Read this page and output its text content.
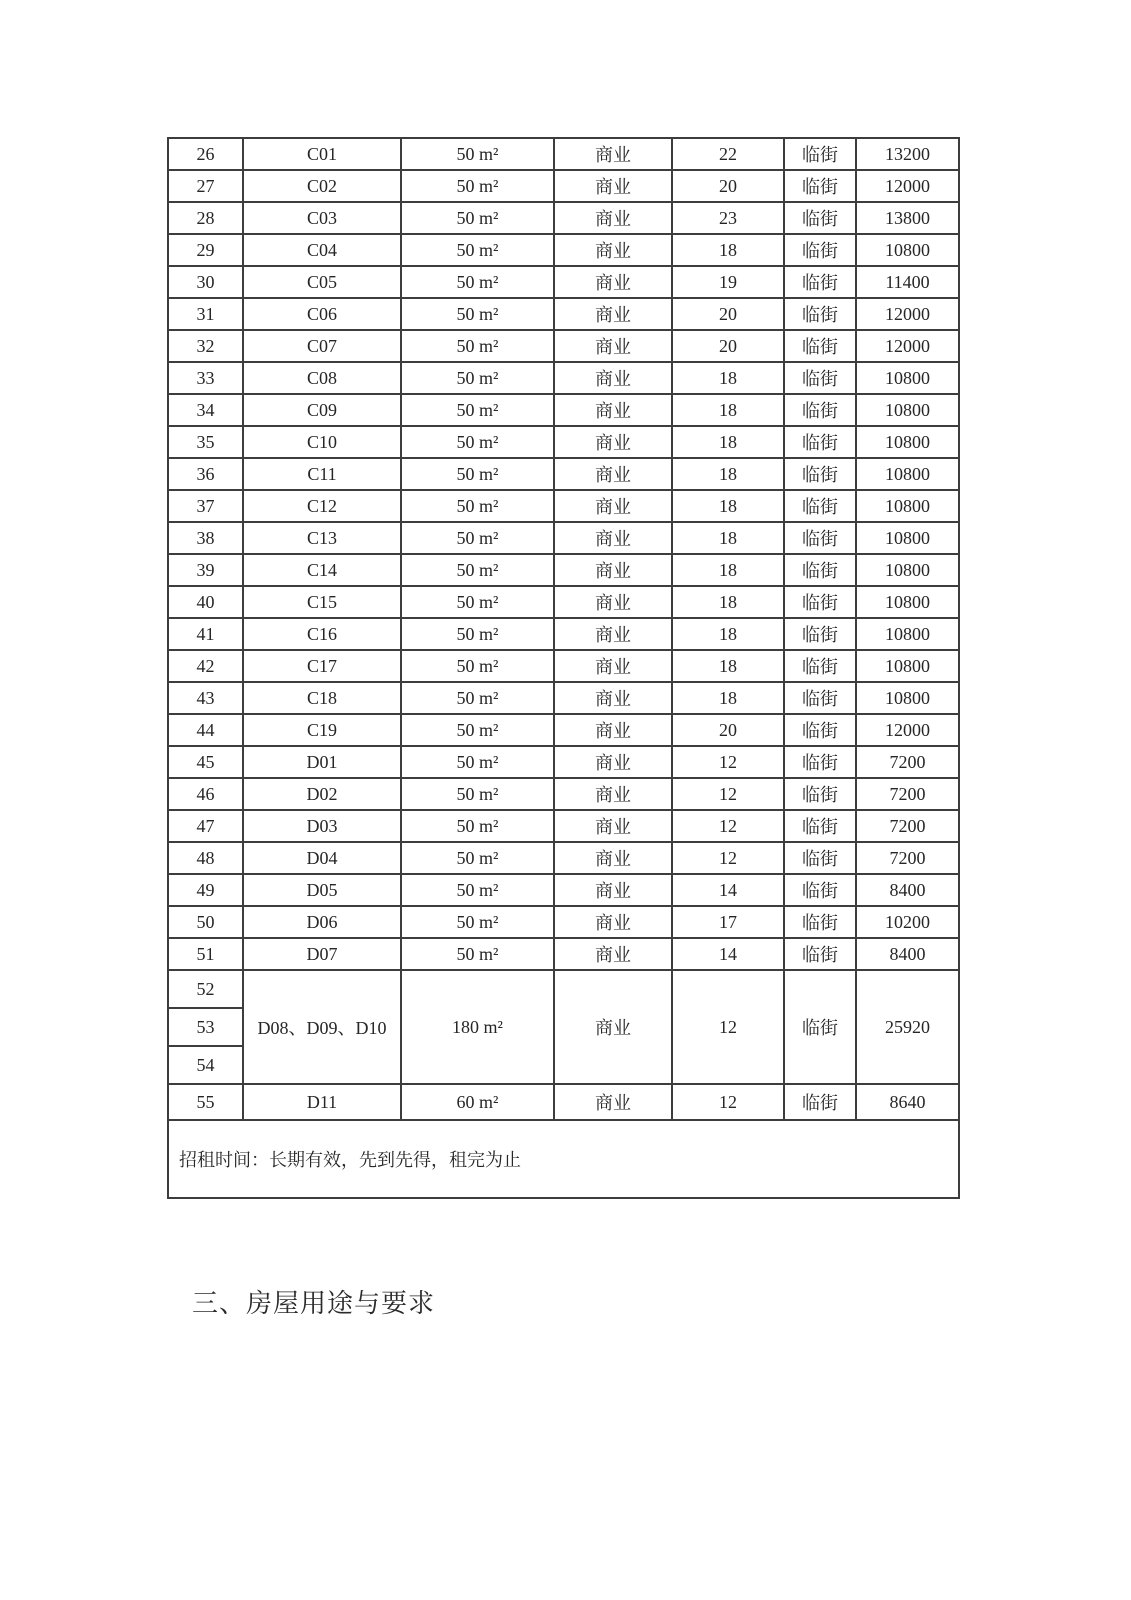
26	C01	50 m²	商业	22	临街	13200
27	C02	50 m²	商业	20	临街	12000
28	C03	50 m²	商业	23	临街	13800
29	C04	50 m²	商业	18	临街	10800
30	C05	50 m²	商业	19	临街	11400
31	C06	50 m²	商业	20	临街	12000
32	C07	50 m²	商业	20	临街	12000
33	C08	50 m²	商业	18	临街	10800
34	C09	50 m²	商业	18	临街	10800
35	C10	50 m²	商业	18	临街	10800
36	C11	50 m²	商业	18	临街	10800
37	C12	50 m²	商业	18	临街	10800
38	C13	50 m²	商业	18	临街	10800
39	C14	50 m²	商业	18	临街	10800
40	C15	50 m²	商业	18	临街	10800
41	C16	50 m²	商业	18	临街	10800
42	C17	50 m²	商业	18	临街	10800
43	C18	50 m²	商业	18	临街	10800
44	C19	50 m²	商业	20	临街	12000
45	D01	50 m²	商业	12	临街	7200
46	D02	50 m²	商业	12	临街	7200
47	D03	50 m²	商业	12	临街	7200
48	D04	50 m²	商业	12	临街	7200
49	D05	50 m²	商业	14	临街	8400
50	D06	50 m²	商业	17	临街	10200
51	D07	50 m²	商业	14	临街	8400
52	D08、D09、D10	180 m²	商业	12	临街	25920
53						
54						
55	D11	60 m²	商业	12	临街	8640
招租时间：长期有效，先到先得，租完为止						
三、房屋用途与要求
